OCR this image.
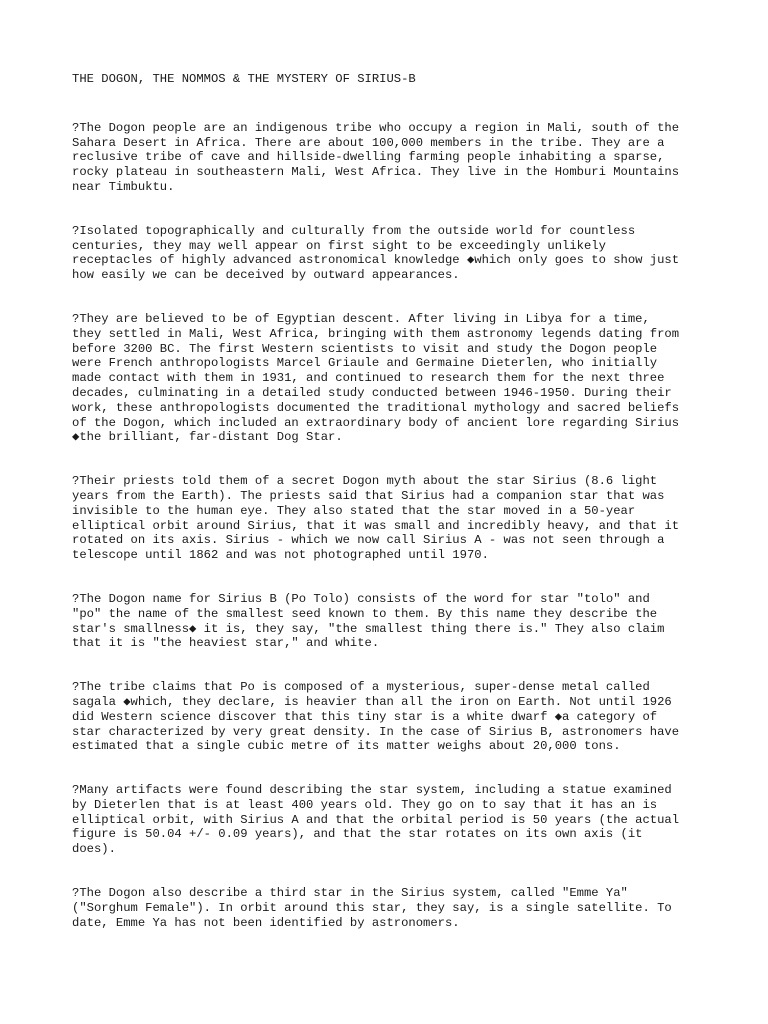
THE DOGON, THE NOMMOS & THE MYSTERY OF SIRIUS-B

?The Dogon people are an indigenous tribe who occupy a region in Mali, south of the
Sahara Desert in Africa. There are about 100,000 members in the tribe. They are a
reclusive tribe of cave and hillside-dwelling farming people inhabiting a sparse,
rocky plateau in southeastern Mali, West Africa. They live in the Homburi Mountains
near Timbuktu.

?Isolated topographically and culturally from the outside world for countless
centuries, they may well appear on first sight to be exceedingly unlikely
receptacles of highly advanced astronomical knowledge ◆which only goes to show just
how easily we can be deceived by outward appearances.

?They are believed to be of Egyptian descent. After living in Libya for a time,
they settled in Mali, West Africa, bringing with them astronomy legends dating from
before 3200 BC. The first Western scientists to visit and study the Dogon people
were French anthropologists Marcel Griaule and Germaine Dieterlen, who initially
made contact with them in 1931, and continued to research them for the next three
decades, culminating in a detailed study conducted between 1946-1950. During their
work, these anthropologists documented the traditional mythology and sacred beliefs
of the Dogon, which included an extraordinary body of ancient lore regarding Sirius
◆the brilliant, far-distant Dog Star.

?Their priests told them of a secret Dogon myth about the star Sirius (8.6 light
years from the Earth). The priests said that Sirius had a companion star that was
invisible to the human eye. They also stated that the star moved in a 50-year
elliptical orbit around Sirius, that it was small and incredibly heavy, and that it
rotated on its axis. Sirius - which we now call Sirius A - was not seen through a
telescope until 1862 and was not photographed until 1970.

?The Dogon name for Sirius B (Po Tolo) consists of the word for star "tolo" and
"po" the name of the smallest seed known to them. By this name they describe the
star's smallness◆ it is, they say, "the smallest thing there is." They also claim
that it is "the heaviest star," and white.

?The tribe claims that Po is composed of a mysterious, super-dense metal called
sagala ◆which, they declare, is heavier than all the iron on Earth. Not until 1926
did Western science discover that this tiny star is a white dwarf ◆a category of
star characterized by very great density. In the case of Sirius B, astronomers have
estimated that a single cubic metre of its matter weighs about 20,000 tons.

?Many artifacts were found describing the star system, including a statue examined
by Dieterlen that is at least 400 years old. They go on to say that it has an is
elliptical orbit, with Sirius A and that the orbital period is 50 years (the actual
figure is 50.04 +/- 0.09 years), and that the star rotates on its own axis (it
does).

?The Dogon also describe a third star in the Sirius system, called "Emme Ya"
("Sorghum Female"). In orbit around this star, they say, is a single satellite. To
date, Emme Ya has not been identified by astronomers.
